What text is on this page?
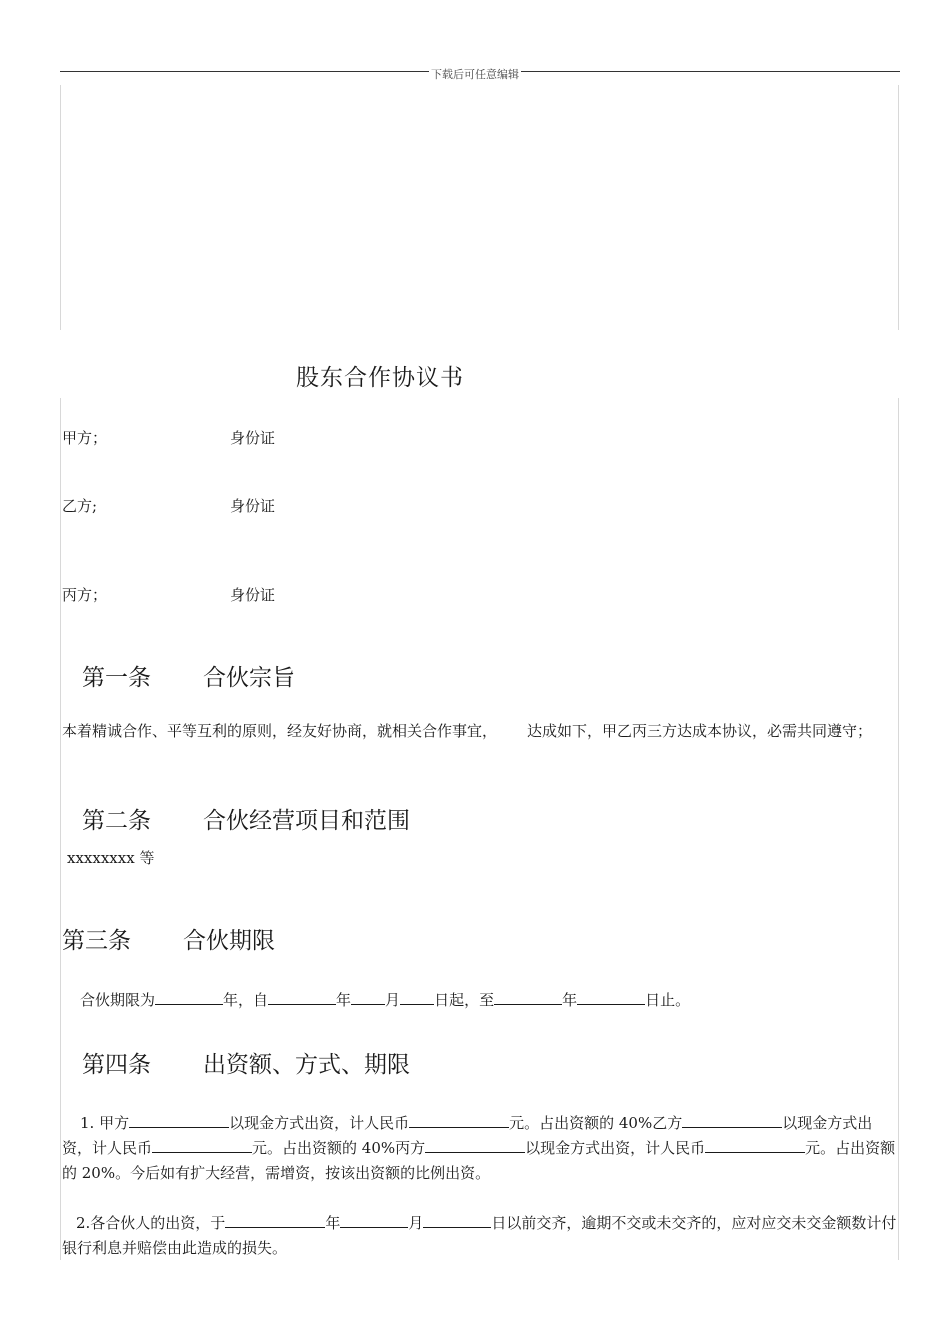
下载后可任意编辑
股东合作协议书
甲方；	身份证
乙方;	身份证
丙方；	身份证
第一条 合伙宗旨
本着精诚合作、平等互利的原则，经友好协商，就相关合作事宜， 达成如下，甲乙丙三方达成本协议，必需共同遵守；
第二条 合伙经营项目和范围
xxxxxxxx 等
第三条 合伙期限
合伙期限为	年，自	年 月 日起，至	年	日止。
第四条 出资额、方式、期限
1. 甲方	以现金方式出资，计人民币	元。占出资额的 40%乙方	以现金方式出资，计人民币	元。占出资额的 40%丙方	以现金方式出资，计人民币	元。占出资额的 20%。今后如有扩大经营，需增资，按该出资额的比例出资。
2.各合伙人的出资，于	年	月	日以前交齐，逾期不交或未交齐的，应对应交未交金额数计付银行利息并赔偿由此造成的损失。
